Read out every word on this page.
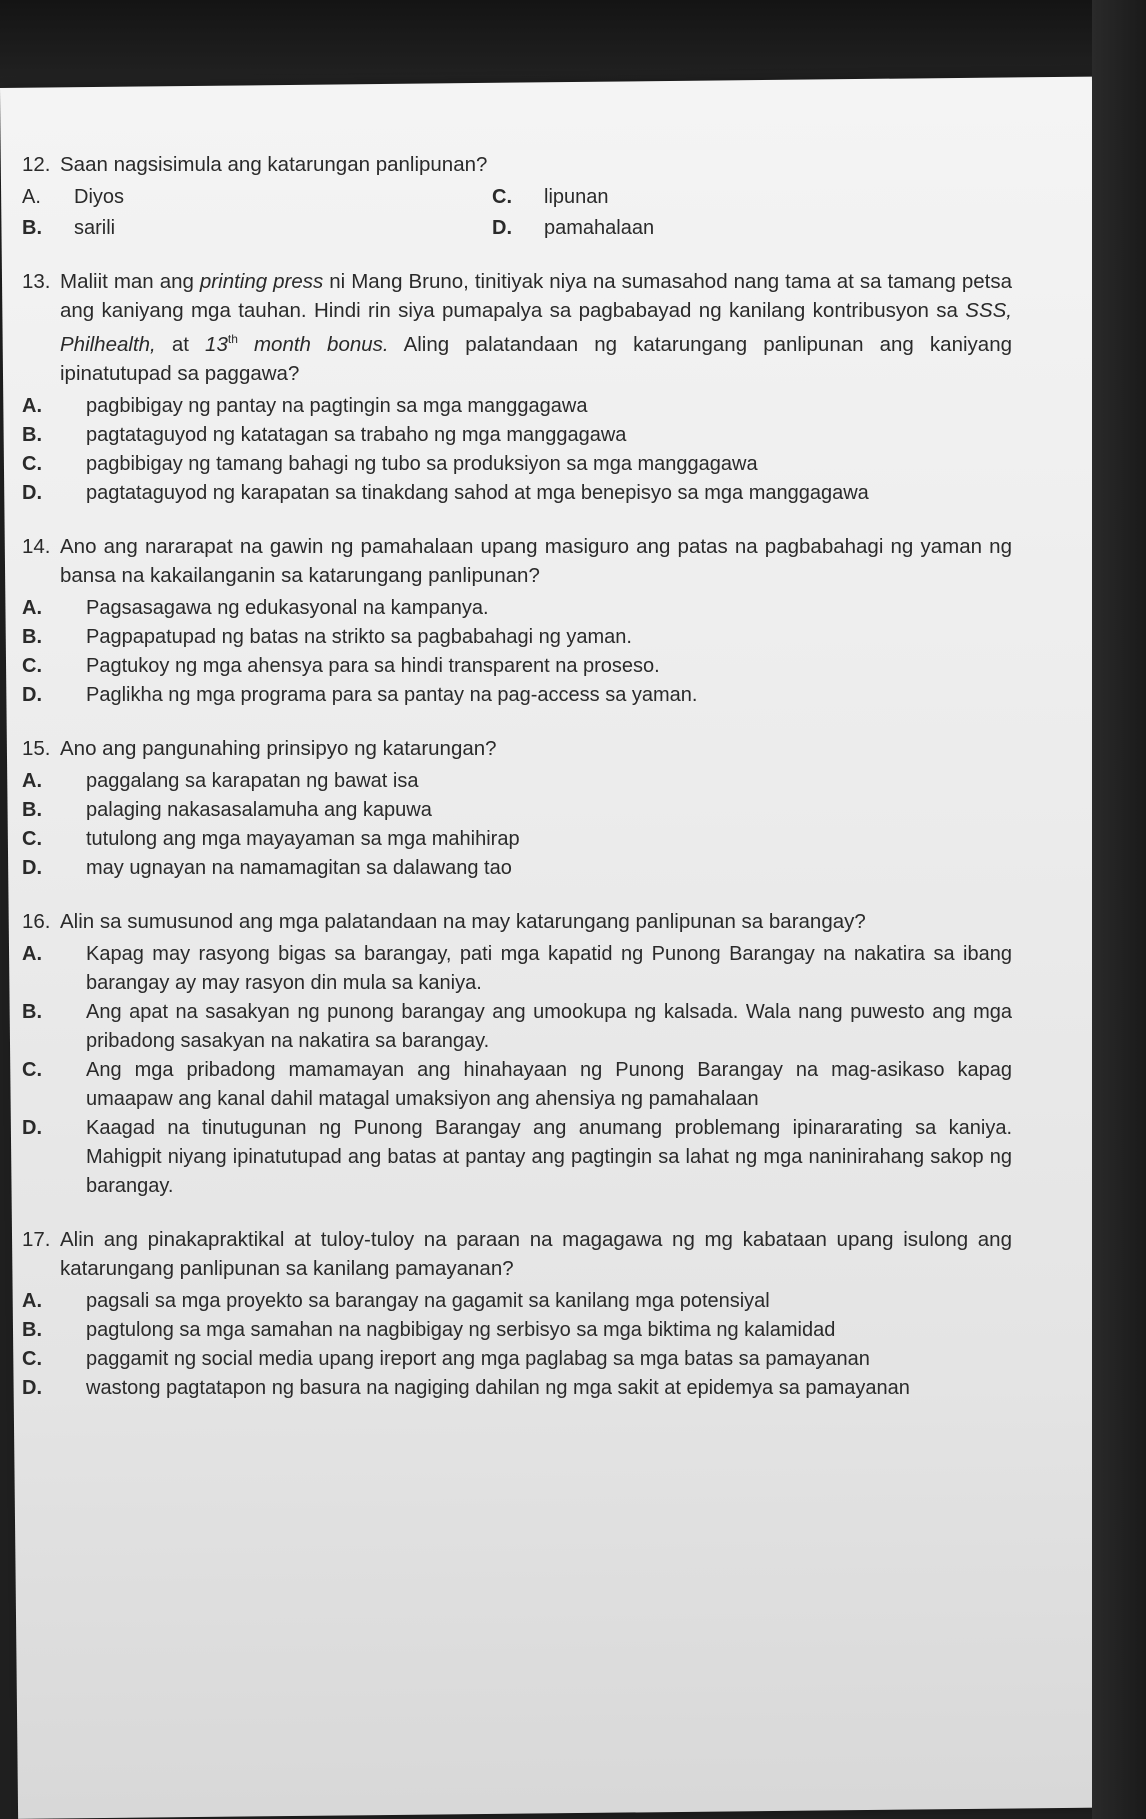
12. Saan nagsisimula ang katarungan panlipunan?

A. Diyos	C. lipunan

B. sarili	D. pamahalaan

13. Maliit man ang printing press ni Mang Bruno, tinitiyak niya na sumasahod nang tama at sa tamang petsa ang kaniyang mga tauhan. Hindi rin siya pumapalya sa pagbabayad ng kanilang kontribusyon sa SSS, Philhealth, at 13th month bonus. Aling palatandaan ng katarungang panlipunan ang kaniyang ipinatutupad sa paggawa?

A. pagbibigay ng pantay na pagtingin sa mga manggagawa

B. pagtataguyod ng katatagan sa trabaho ng mga manggagawa

C. pagbibigay ng tamang bahagi ng tubo sa produksiyon sa mga manggagawa

D. pagtataguyod ng karapatan sa tinakdang sahod at mga benepisyo sa mga manggagawa

14. Ano ang nararapat na gawin ng pamahalaan upang masiguro ang patas na pagbabahagi ng yaman ng bansa na kakailanganin sa katarungang panlipunan?

A. Pagsasagawa ng edukasyonal na kampanya.

B. Pagpapatupad ng batas na strikto sa pagbabahagi ng yaman.

C. Pagtukoy ng mga ahensya para sa hindi transparent na proseso.

D. Paglikha ng mga programa para sa pantay na pag-access sa yaman.

15. Ano ang pangunahing prinsipyo ng katarungan?

A. paggalang sa karapatan ng bawat isa

B. palaging nakasasalamuha ang kapuwa

C. tutulong ang mga mayayaman sa mga mahihirap

D. may ugnayan na namamagitan sa dalawang tao

16. Alin sa sumusunod ang mga palatandaan na may katarungang panlipunan sa barangay?

A. Kapag may rasyong bigas sa barangay, pati mga kapatid ng Punong Barangay na nakatira sa ibang barangay ay may rasyon din mula sa kaniya.

B. Ang apat na sasakyan ng punong barangay ang umookupa ng kalsada. Wala nang puwesto ang mga pribadong sasakyan na nakatira sa barangay.

C. Ang mga pribadong mamamayan ang hinahayaan ng Punong Barangay na mag-asikaso kapag umaapaw ang kanal dahil matagal umaksiyon ang ahensiya ng pamahalaan

D. Kaagad na tinutugunan ng Punong Barangay ang anumang problemang ipinararating sa kaniya. Mahigpit niyang ipinatutupad ang batas at pantay ang pagtingin sa lahat ng mga naninirahang sakop ng barangay.

17. Alin ang pinakapraktikal at tuloy-tuloy na paraan na magagawa ng mg kabataan upang isulong ang katarungang panlipunan sa kanilang pamayanan?

A. pagsali sa mga proyekto sa barangay na gagamit sa kanilang mga potensiyal

B. pagtulong sa mga samahan na nagbibigay ng serbisyo sa mga biktima ng kalamidad

C. paggamit ng social media upang ireport ang mga paglabag sa mga batas sa pamayanan

D. wastong pagtatapon ng basura na nagiging dahilan ng mga sakit at epidemya sa pamayanan
